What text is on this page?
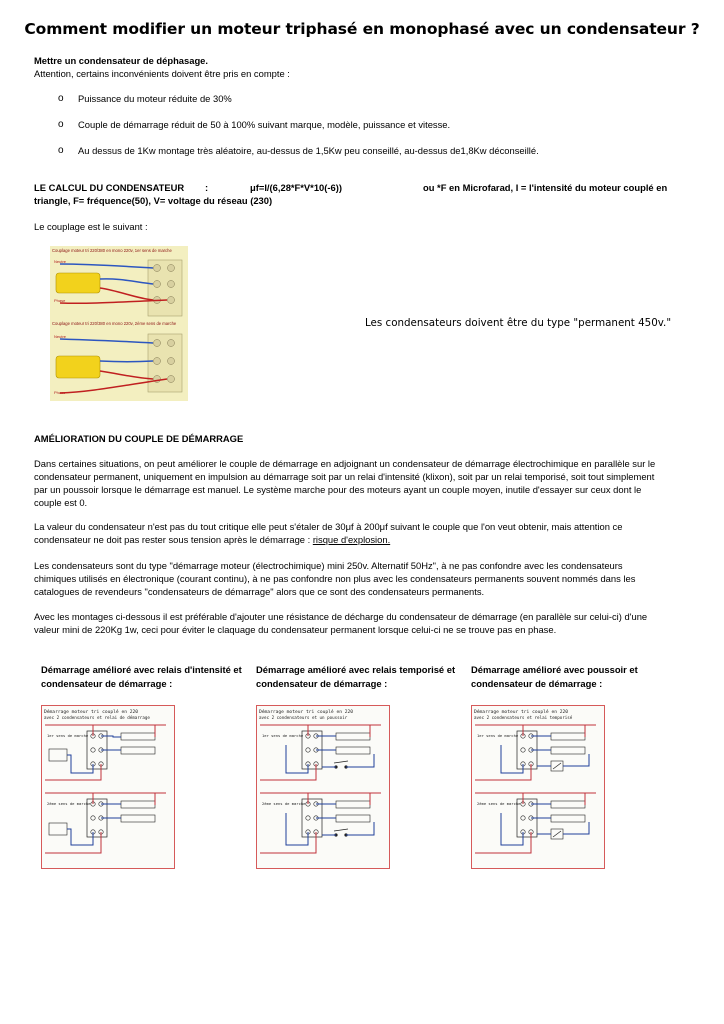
Comment modifier un moteur triphasé en monophasé avec un condensateur ?
Mettre un condensateur de déphasage.
Attention, certains inconvénients doivent être pris en compte :
o Puissance du moteur réduite de 30%
o Couple de démarrage réduit de 50 à 100% suivant marque, modèle, puissance et vitesse.
o Au dessus de 1Kw montage très aléatoire, au-dessus de 1,5Kw peu conseillé, au-dessus de1,8Kw déconseillé.
LE CALCUL DU CONDENSATEUR :	μf=I/(6,28*F*V*10(-6))	ou *F en Microfarad, I = l'intensité du moteur couplé en
triangle, F= fréquence(50), V= voltage du réseau (230)
Le couplage est le suivant :
Couplage moteur tri 220/380 en mono 220v, 1er sens de marche
Neutre
Phase
Couplage moteur tri 220/380 en mono 220v, 2ème sens de marche
Neutre
Phase
Les condensateurs doivent être du type "permanent 450v."
AMÉLIORATION DU COUPLE DE DÉMARRAGE
Dans certaines situations, on peut améliorer le couple de démarrage en adjoignant un condensateur de démarrage électrochimique en parallèle sur le
condensateur permanent, uniquement en impulsion au démarrage soit par un relai d'intensité (klixon), soit par un relai temporisé, soit tout simplement
par un poussoir lorsque le démarrage est manuel. Le système marche pour des moteurs ayant un couple moyen, inutile d'essayer sur ceux dont le
couple est 0.
La valeur du condensateur n'est pas du tout critique elle peut s'étaler de 30μf à 200μf suivant le couple que l'on veut obtenir, mais attention ce
condensateur ne doit pas rester sous tension après le démarrage : risque d'explosion.
Les condensateurs sont du type "démarrage moteur (électrochimique) mini 250v. Alternatif 50Hz", à ne pas confondre avec les condensateurs
chimiques utilisés en électronique (courant continu), à ne pas confondre non plus avec les condensateurs permanents souvent nommés dans les
catalogues de revendeurs "condensateurs de démarrage" alors que ce sont des condensateurs permanents.
Avec les montages ci-dessous il est préférable d'ajouter une résistance de décharge du condensateur de démarrage (en parallèle sur celui-ci) d'une
valeur mini de 220Kg 1w, ceci pour éviter le claquage du condensateur permanent lorsque celui-ci ne se trouve pas en phase.
Démarrage amélioré avec relais d'intensité et
condensateur de démarrage :
Démarrage amélioré avec relais temporisé et
condensateur de démarrage :
Démarrage amélioré avec poussoir et
condensateur de démarrage :
Démarrage moteur tri couplé en 220
avec 2 condensateurs et relai de démarrage
1er sens de marche
2ème sens de marche
Démarrage moteur tri couplé en 220
avec 2 condensateurs et un poussoir
1er sens de marche
2ème sens de marche
Démarrage moteur tri couplé en 220
avec 2 condensateurs et relai temporisé
1er sens de marche
2ème sens de marche
